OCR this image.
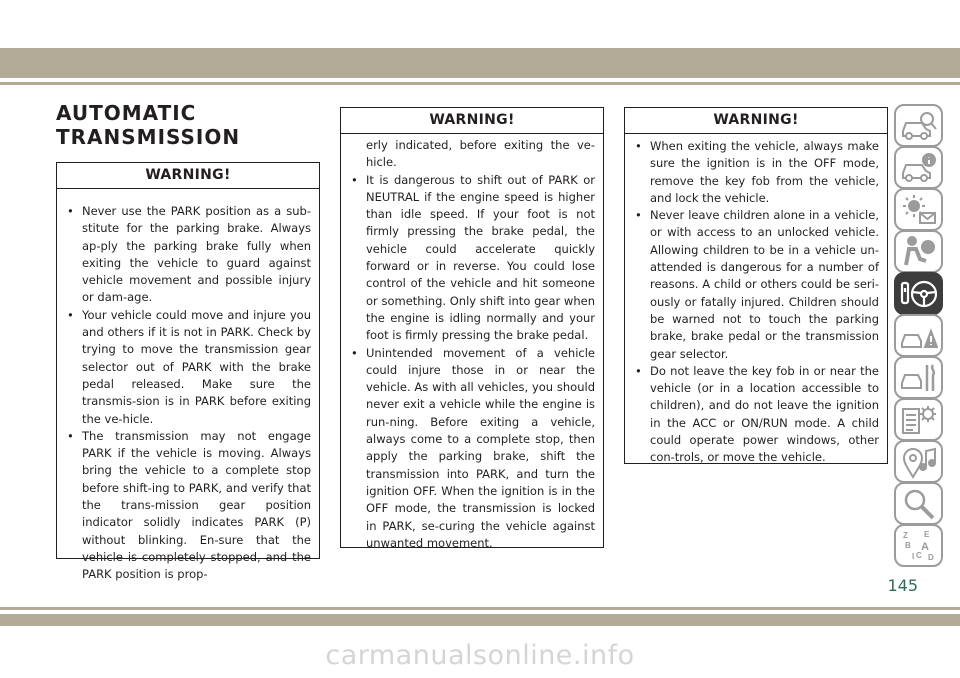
AUTOMATIC TRANSMISSION
WARNING!
• Never use the PARK position as a sub-stitute for the parking brake. Always ap-ply the parking brake fully when exiting the vehicle to guard against vehicle movement and possible injury or dam-age.
• Your vehicle could move and injure you and others if it is not in PARK. Check by trying to move the transmission gear selector out of PARK with the brake pedal released. Make sure the transmis-sion is in PARK before exiting the ve-hicle.
• The transmission may not engage PARK if the vehicle is moving. Always bring the vehicle to a complete stop before shift-ing to PARK, and verify that the trans-mission gear position indicator solidly indicates PARK (P) without blinking. En-sure that the vehicle is completely stopped, and the PARK position is prop-
WARNING!

erly indicated, before exiting the ve-hicle.

• It is dangerous to shift out of PARK or NEUTRAL if the engine speed is higher than idle speed. If your foot is not firmly pressing the brake pedal, the vehicle could accelerate quickly forward or in reverse. You could lose control of the vehicle and hit someone or something. Only shift into gear when the engine is idling normally and your foot is firmly pressing the brake pedal.
• Unintended movement of a vehicle could injure those in or near the vehicle. As with all vehicles, you should never exit a vehicle while the engine is run-ning. Before exiting a vehicle, always come to a complete stop, then apply the parking brake, shift the transmission into PARK, and turn the ignition OFF. When the ignition is in the OFF mode, the transmission is locked in PARK, se-curing the vehicle against unwanted movement.
WARNING!
• When exiting the vehicle, always make sure the ignition is in the OFF mode, remove the key fob from the vehicle, and lock the vehicle.
• Never leave children alone in a vehicle, or with access to an unlocked vehicle. Allowing children to be in a vehicle un-attended is dangerous for a number of reasons. A child or others could be seri-ously or fatally injured. Children should be warned not to touch the parking brake, brake pedal or the transmission gear selector.
• Do not leave the key fob in or near the vehicle (or in a location accessible to children), and do not leave the ignition in the ACC or ON/RUN mode. A child could operate power windows, other con-trols, or move the vehicle.
Z E
B A
I C D
145
carmanualsonline.info
